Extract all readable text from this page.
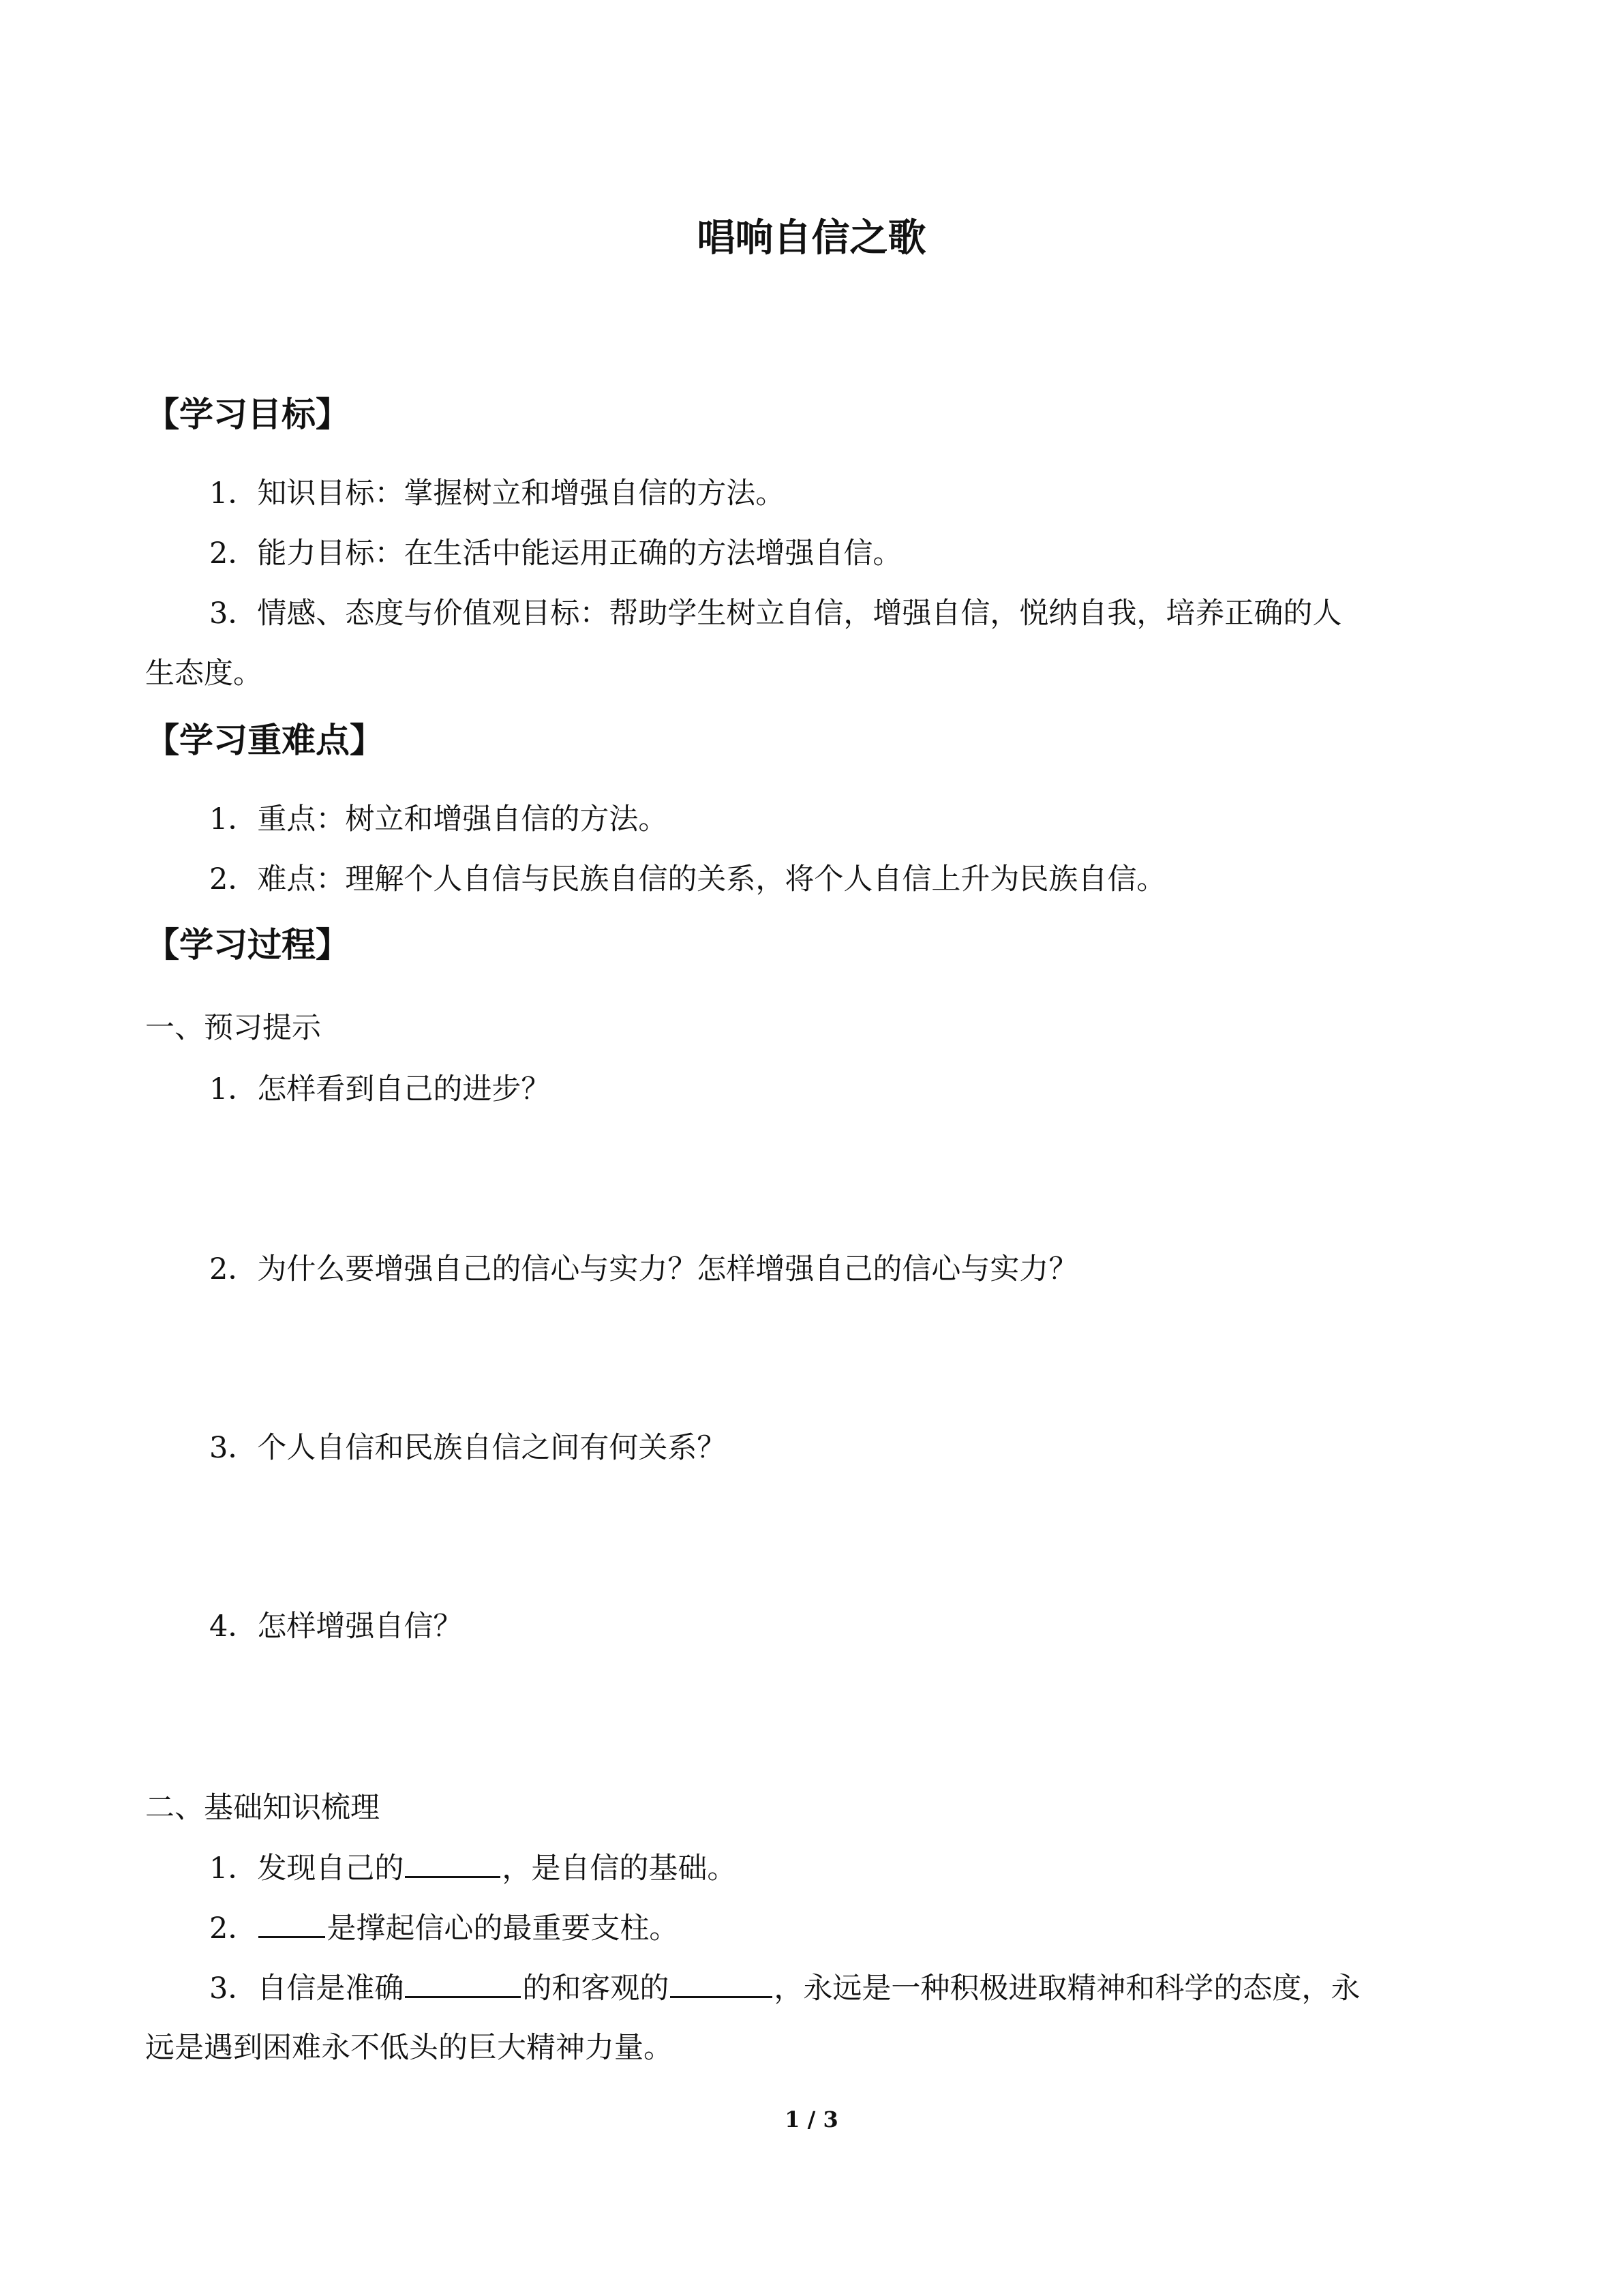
唱响自信之歌
【学习目标】
1．知识目标：掌握树立和增强自信的方法。
2．能力目标：在生活中能运用正确的方法增强自信。
3．情感、态度与价值观目标：帮助学生树立自信，增强自信，悦纳自我，培养正确的人
生态度。
【学习重难点】
1．重点：树立和增强自信的方法。
2．难点：理解个人自信与民族自信的关系，将个人自信上升为民族自信。
【学习过程】
一、预习提示
1．怎样看到自己的进步？
2．为什么要增强自己的信心与实力？怎样增强自己的信心与实力？
3．个人自信和民族自信之间有何关系？
4．怎样增强自信？
二、基础知识梳理
1．发现自己的	，是自信的基础。
2． 是撑起信心的最重要支柱。
3．自信是准确	的和客观的	，永远是一种积极进取精神和科学的态度，永
远是遇到困难永不低头的巨大精神力量。
1 / 3
